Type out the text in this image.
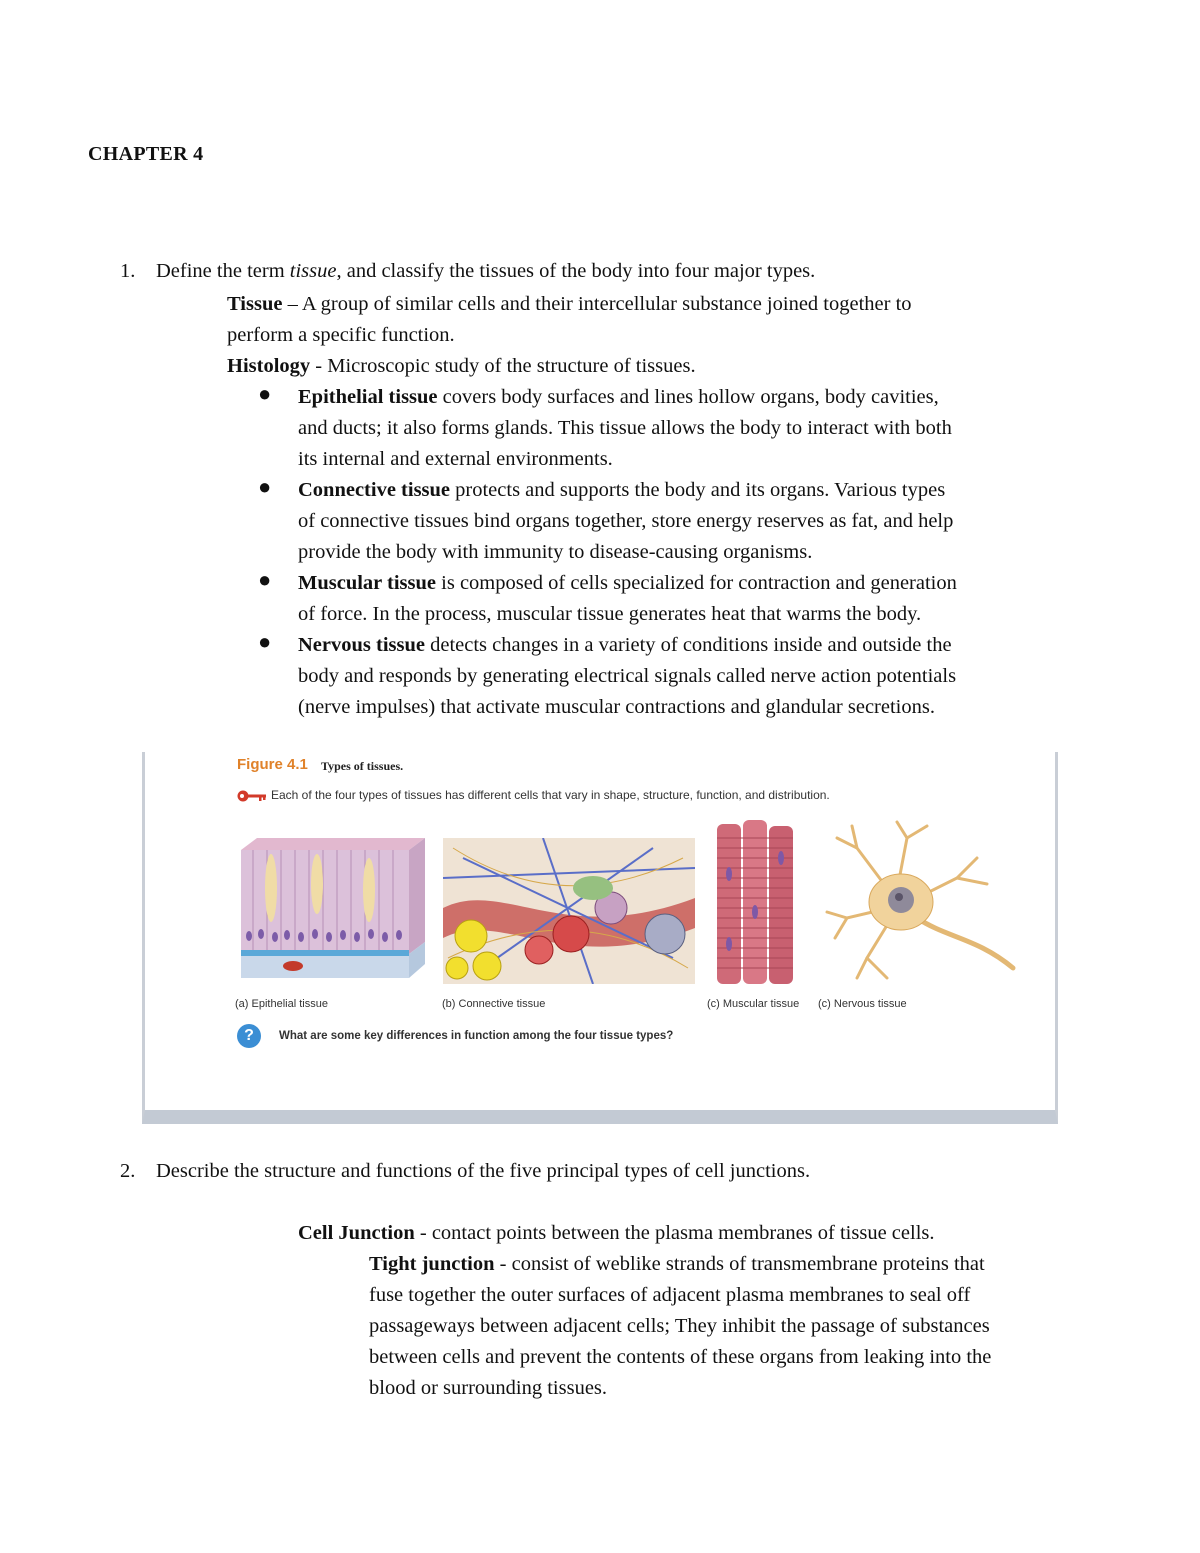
CHAPTER 4
1. Define the term tissue, and classify the tissues of the body into four major types.
Tissue – A group of similar cells and their intercellular substance joined together to
perform a specific function.
Histology - Microscopic study of the structure of tissues.
● Epithelial tissue covers body surfaces and lines hollow organs, body cavities,
and ducts; it also forms glands. This tissue allows the body to interact with both
its internal and external environments.
● Connective tissue protects and supports the body and its organs. Various types
of connective tissues bind organs together, store energy reserves as fat, and help
provide the body with immunity to disease-causing organisms.
● Muscular tissue is composed of cells specialized for contraction and generation
of force. In the process, muscular tissue generates heat that warms the body.
● Nervous tissue detects changes in a variety of conditions inside and outside the
body and responds by generating electrical signals called nerve action potentials
(nerve impulses) that activate muscular contractions and glandular secretions.
Figure 4.1 Types of tissues.
Each of the four types of tissues has different cells that vary in shape, structure, function, and distribution.
(a) Epithelial tissue	(b) Connective tissue	(c) Muscular tissue (c) Nervous tissue
?	What are some key differences in function among the four tissue types?
2. Describe the structure and functions of the five principal types of cell junctions.
Cell Junction - contact points between the plasma membranes of tissue cells.
Tight junction - consist of weblike strands of transmembrane proteins that
fuse together the outer surfaces of adjacent plasma membranes to seal off
passageways between adjacent cells; They inhibit the passage of substances
between cells and prevent the contents of these organs from leaking into the
blood or surrounding tissues.
